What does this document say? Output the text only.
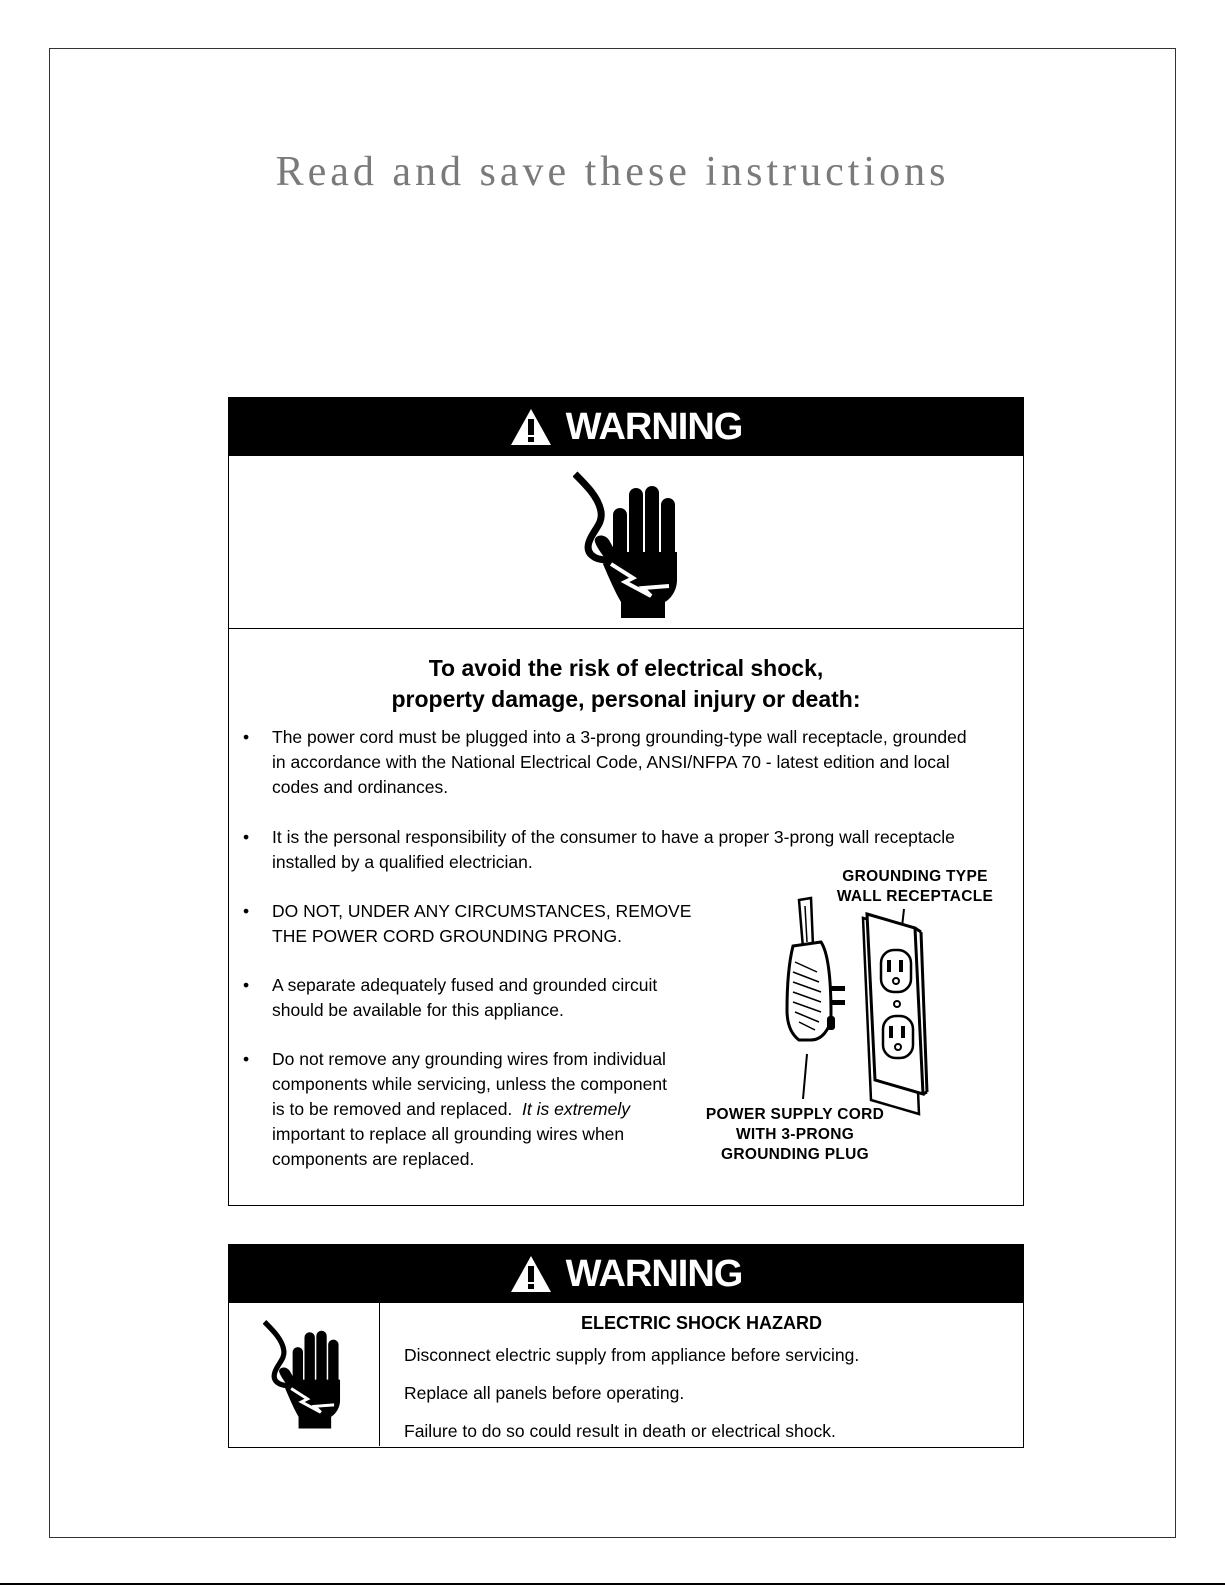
Read and save these instructions
WARNING
To avoid the risk of electrical shock,
property damage, personal injury or death:
•	The power cord must be plugged into a 3-prong grounding-type wall receptacle, grounded
in accordance with the National Electrical Code, ANSI/NFPA 70 - latest edition and local
codes and ordinances.
•	It is the personal responsibility of the consumer to have a proper 3-prong wall receptacle
installed by a qualified electrician.
•	DO NOT, UNDER ANY CIRCUMSTANCES, REMOVE
THE POWER CORD GROUNDING PRONG.
•	A separate adequately fused and grounded circuit
should be available for this appliance.
•	Do not remove any grounding wires from individual
components while servicing, unless the component
is to be removed and replaced. It is extremely
important to replace all grounding wires when
components are replaced.
GROUNDING TYPE
WALL RECEPTACLE
POWER SUPPLY CORD
WITH 3-PRONG
GROUNDING PLUG
WARNING
ELECTRIC SHOCK HAZARD
Disconnect electric supply from appliance before servicing.
Replace all panels before operating.
Failure to do so could result in death or electrical shock.
